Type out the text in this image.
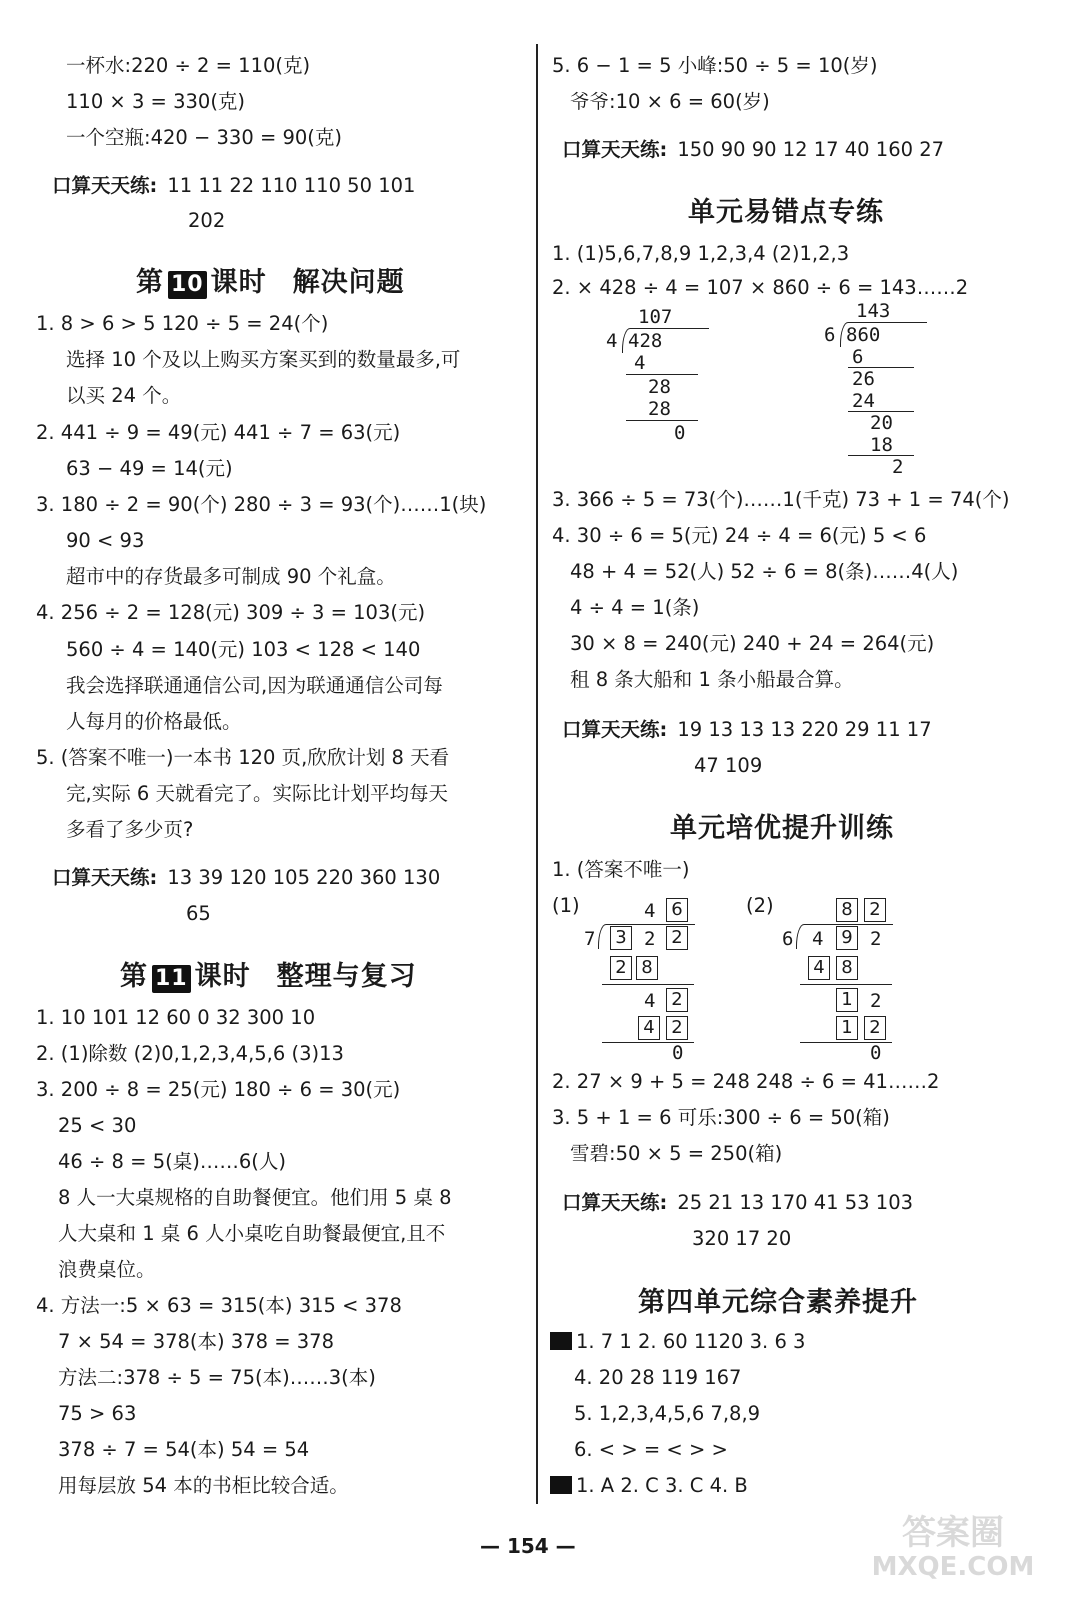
一杯水:220 ÷ 2 = 110(克)
110 × 3 = 330(克)
一个空瓶:420 − 330 = 90(克)
口算天天练: 11 11 22 110 110 50 101
202
第 10 课时 解决问题
1. 8 > 6 > 5 120 ÷ 5 = 24(个)
选择 10 个及以上购买方案买到的数量最多,可
以买 24 个。
2. 441 ÷ 9 = 49(元) 441 ÷ 7 = 63(元)
63 − 49 = 14(元)
3. 180 ÷ 2 = 90(个) 280 ÷ 3 = 93(个)……1(块)
90 < 93
超市中的存货最多可制成 90 个礼盒。
4. 256 ÷ 2 = 128(元) 309 ÷ 3 = 103(元)
560 ÷ 4 = 140(元) 103 < 128 < 140
我会选择联通通信公司,因为联通通信公司每
人每月的价格最低。
5. (答案不唯一)一本书 120 页,欣欣计划 8 天看
完,实际 6 天就看完了。实际比计划平均每天
多看了多少页?
口算天天练: 13 39 120 105 220 360 130
65
第 11 课时 整理与复习
1. 10 101 12 60 0 32 300 10
2. (1)除数 (2)0,1,2,3,4,5,6 (3)13
3. 200 ÷ 8 = 25(元) 180 ÷ 6 = 30(元)
25 < 30
46 ÷ 8 = 5(桌)……6(人)
8 人一大桌规格的自助餐便宜。他们用 5 桌 8
人大桌和 1 桌 6 人小桌吃自助餐最便宜,且不
浪费桌位。
4. 方法一:5 × 63 = 315(本) 315 < 378
7 × 54 = 378(本) 378 = 378
方法二:378 ÷ 5 = 75(本)……3(本)
75 > 63
378 ÷ 7 = 54(本) 54 = 54
用每层放 54 本的书柜比较合适。
5. 6 − 1 = 5 小峰:50 ÷ 5 = 10(岁)
爷爷:10 × 6 = 60(岁)
口算天天练: 150 90 90 12 17 40 160 27
单元易错点专练
1. (1)5,6,7,8,9 1,2,3,4 (2)1,2,3
2. × 428 ÷ 4 = 107 × 860 ÷ 6 = 143……2
107
4 428
4
28
28
0
143
6 860
6
26
24
20
18
2
3. 366 ÷ 5 = 73(个)……1(千克) 73 + 1 = 74(个)
4. 30 ÷ 6 = 5(元) 24 ÷ 4 = 6(元) 5 < 6
48 + 4 = 52(人) 52 ÷ 6 = 8(条)……4(人)
4 ÷ 4 = 1(条)
30 × 8 = 240(元) 240 + 24 = 264(元)
租 8 条大船和 1 条小船最合算。
口算天天练: 19 13 13 13 220 29 11 17
47 109
单元培优提升训练
1. (答案不唯一)
(1)	(2)
4 6
7 3 2 2
2 8
4 2
4 2
0
8 2
6 4 9 2
4 8
1 2
1 2
0
2. 27 × 9 + 5 = 248 248 ÷ 6 = 41……2
3. 5 + 1 = 6 可乐:300 ÷ 6 = 50(箱)
雪碧:50 × 5 = 250(箱)
口算天天练: 25 21 13 170 41 53 103
320 17 20
第四单元综合素养提升
1. 7 1 2. 60 1120 3. 6 3
4. 20 28 119 167
5. 1,2,3,4,5,6 7,8,9
6. < > = < > >
1. A 2. C 3. C 4. B
— 154 —	答案圈
MXQE.COM
